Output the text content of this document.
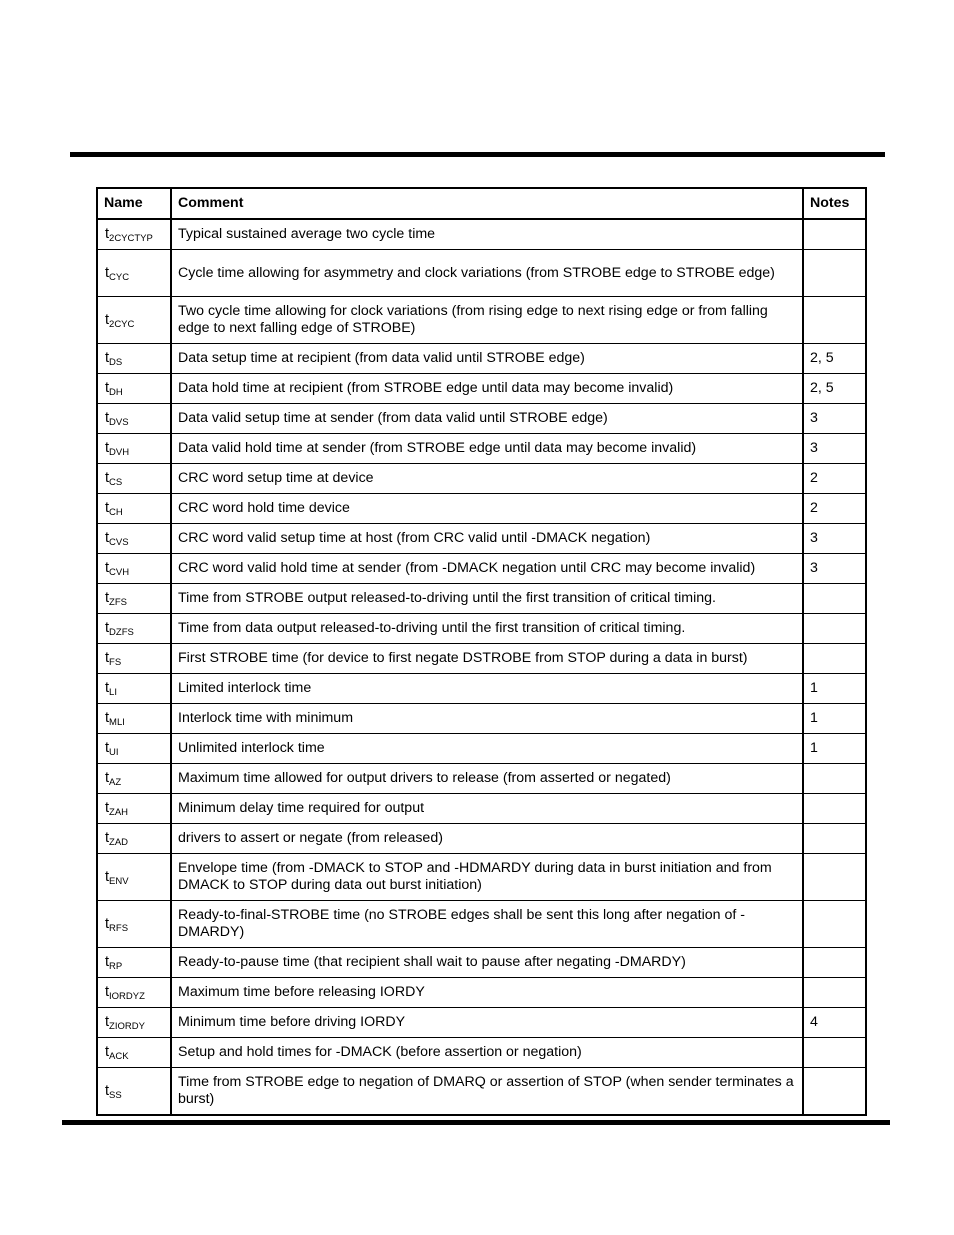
Name	Comment	Notes
$t_{2CYCTYP}$	Typical sustained average two cycle time	
$t_{CYC}$	Cycle time allowing for asymmetry and clock variations (from STROBE edge to STROBE edge)	
$t_{2CYC}$	Two cycle time allowing for clock variations (from rising edge to next rising edge or from falling edge to next falling edge of STROBE)	
$t_{DS}$	Data setup time at recipient (from data valid until STROBE edge)	2, 5
$t_{DH}$	Data hold time at recipient (from STROBE edge until data may become invalid)	2, 5
$t_{DVS}$	Data valid setup time at sender (from data valid until STROBE edge)	3
$t_{DVH}$	Data valid hold time at sender (from STROBE edge until data may become invalid)	3
$t_{CS}$	CRC word setup time at device	2
$t_{CH}$	CRC word hold time device	2
$t_{CVS}$	CRC word valid setup time at host (from CRC valid until -DMACK negation)	3
$t_{CVH}$	CRC word valid hold time at sender (from -DMACK negation until CRC may become invalid)	3
$t_{ZFS}$	Time from STROBE output released-to-driving until the first transition of critical timing.	
$t_{DZFS}$	Time from data output released-to-driving until the first transition of critical timing.	
$t_{FS}$	First STROBE time (for device to first negate DSTROBE from STOP during a data in burst)	
$t_{LI}$	Limited interlock time	1
$t_{MLI}$	Interlock time with minimum	1
$t_{UI}$	Unlimited interlock time	1
$t_{AZ}$	Maximum time allowed for output drivers to release (from asserted or negated)	
$t_{ZAH}$	Minimum delay time required for output	
$t_{ZAD}$	drivers to assert or negate (from released)	
$t_{ENV}$	Envelope time (from -DMACK to STOP and -HDMARDY during data in burst initiation and from DMACK to STOP during data out burst initiation)	
$t_{RFS}$	Ready-to-final-STROBE time (no STROBE edges shall be sent this long after negation of -DMARDY)	
$t_{RP}$	Ready-to-pause time (that recipient shall wait to pause after negating -DMARDY)	
$t_{IORDYZ}$	Maximum time before releasing IORDY	
$t_{ZIORDY}$	Minimum time before driving IORDY	4
$t_{ACK}$	Setup and hold times for -DMACK (before assertion or negation)	
$t_{SS}$	Time from STROBE edge to negation of DMARQ or assertion of STOP (when sender terminates a burst)	
